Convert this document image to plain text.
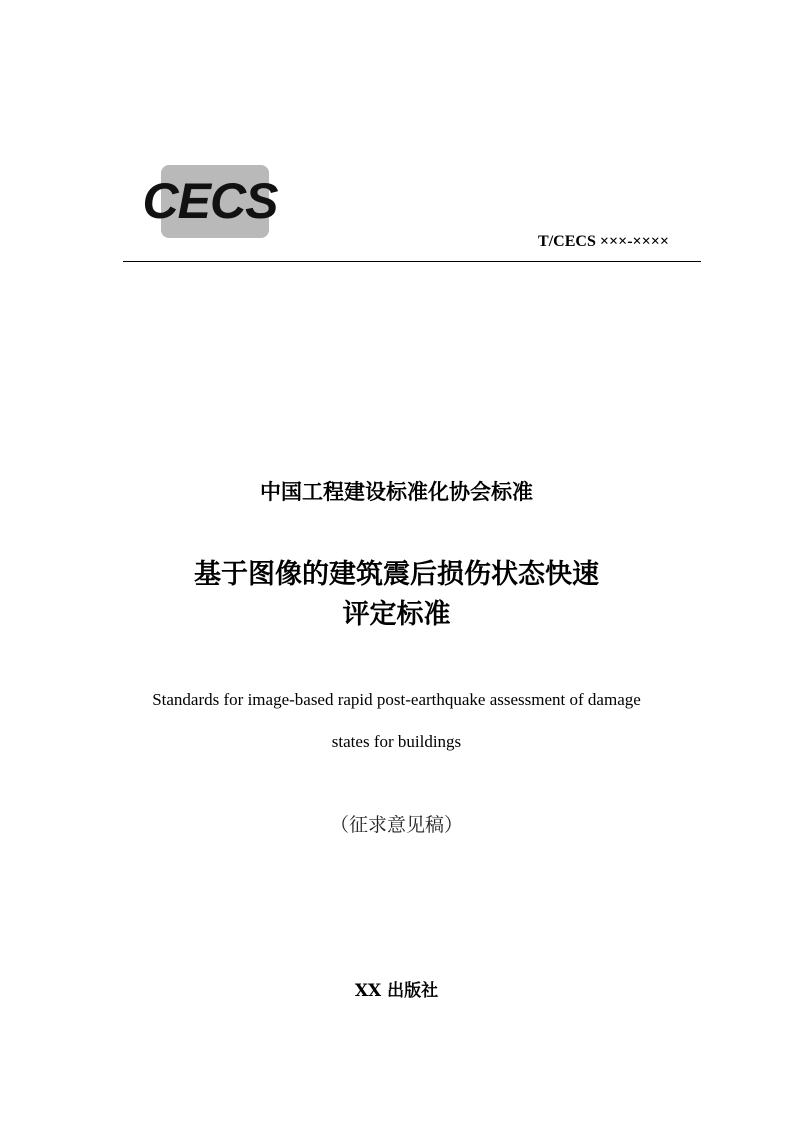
CECS
T/CECS ×××-××××
中国工程建设标准化协会标准
基于图像的建筑震后损伤状态快速
评定标准
Standards for image-based rapid post-earthquake assessment of damage
states for buildings
（征求意见稿）
XX 出版社
